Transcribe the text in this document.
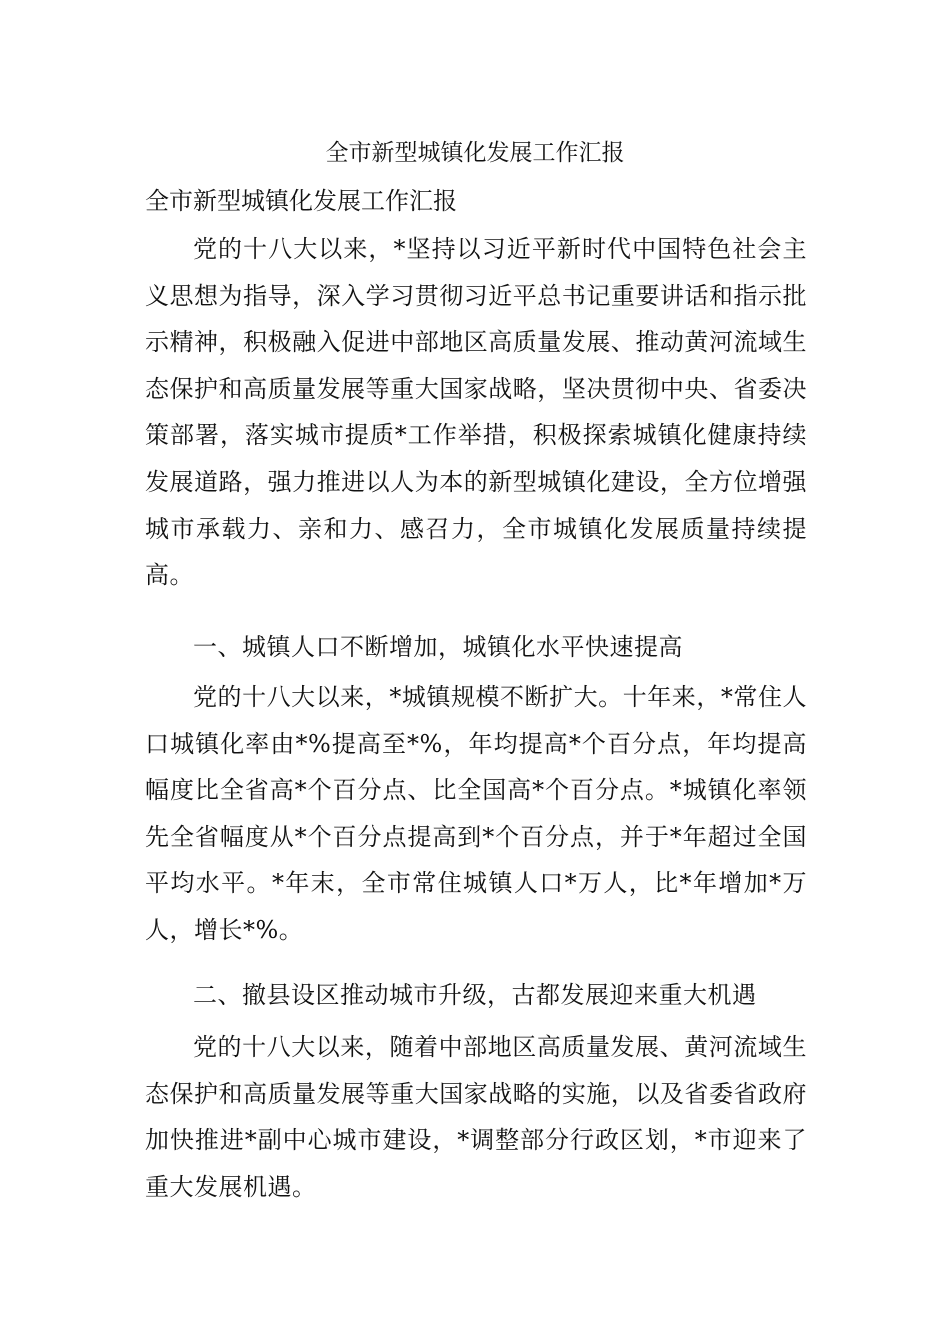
全市新型城镇化发展工作汇报
全市新型城镇化发展工作汇报

党的十八大以来，*坚持以习近平新时代中国特色社会主义思想为指导，深入学习贯彻习近平总书记重要讲话和指示批示精神，积极融入促进中部地区高质量发展、推动黄河流域生态保护和高质量发展等重大国家战略，坚决贯彻中央、省委决策部署，落实城市提质*工作举措，积极探索城镇化健康持续发展道路，强力推进以人为本的新型城镇化建设，全方位增强城市承载力、亲和力、感召力，全市城镇化发展质量持续提高。

一、城镇人口不断增加，城镇化水平快速提高

党的十八大以来，*城镇规模不断扩大。十年来，*常住人口城镇化率由*%提高至*%，年均提高*个百分点，年均提高幅度比全省高*个百分点、比全国高*个百分点。*城镇化率领先全省幅度从*个百分点提高到*个百分点，并于*年超过全国平均水平。*年末，全市常住城镇人口*万人，比*年增加*万人，增长*%。

二、撤县设区推动城市升级，古都发展迎来重大机遇

党的十八大以来，随着中部地区高质量发展、黄河流域生态保护和高质量发展等重大国家战略的实施，以及省委省政府加快推进*副中心城市建设，*调整部分行政区划，*市迎来了重大发展机遇。
